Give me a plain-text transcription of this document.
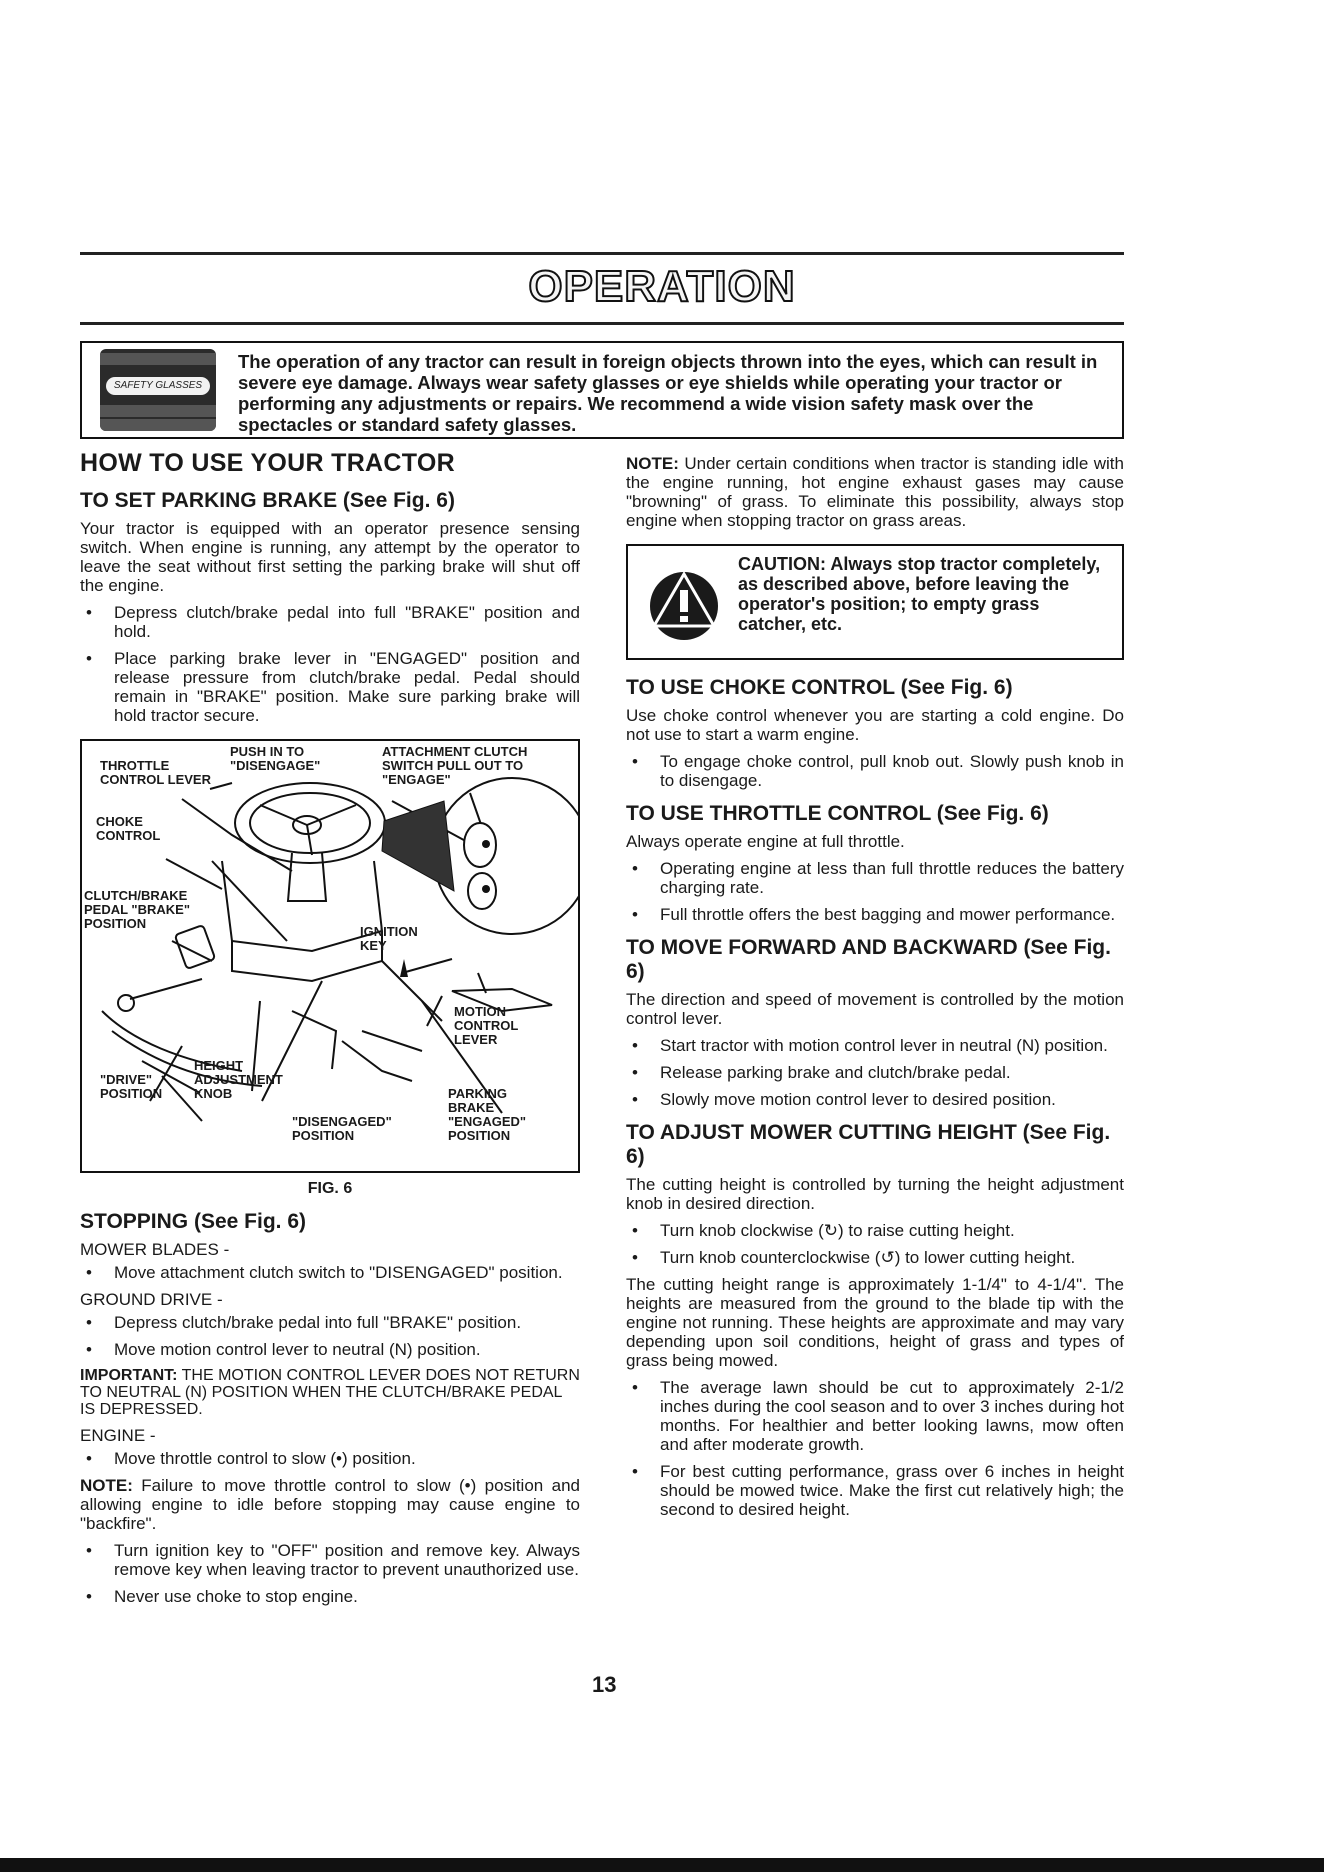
OPERATION
SAFETY GLASSES
The operation of any tractor can result in foreign objects thrown into the eyes, which can result in severe eye damage. Always wear safety glasses or eye shields while operating your tractor or performing any adjustments or repairs. We recommend a wide vision safety mask over the spectacles or standard safety glasses.
HOW TO USE YOUR TRACTOR
TO SET PARKING BRAKE (See Fig. 6)

Your tractor is equipped with an operator presence sensing switch. When engine is running, any attempt by the operator to leave the seat without first setting the parking brake will shut off the engine.

• Depress clutch/brake pedal into full "BRAKE" position and hold.
• Place parking brake lever in "ENGAGED" position and release pressure from clutch/brake pedal. Pedal should remain in "BRAKE" position. Make sure parking brake will hold tractor secure.
PUSH IN TO
"DISENGAGE"
ATTACHMENT CLUTCH
SWITCH PULL OUT TO
"ENGAGE"
THROTTLE
CONTROL LEVER
CHOKE
CONTROL
CLUTCH/BRAKE
PEDAL "BRAKE"
POSITION
IGNITION
KEY
MOTION
CONTROL
LEVER
HEIGHT
ADJUSTMENT
KNOB
"DRIVE"
POSITION	PARKING
BRAKE
"ENGAGED"
POSITION
"DISENGAGED"
POSITION
FIG. 6
STOPPING (See Fig. 6)
MOWER BLADES -
• Move attachment clutch switch to "DISENGAGED" position.
GROUND DRIVE -
• Depress clutch/brake pedal into full "BRAKE" position.
• Move motion control lever to neutral (N) position.
IMPORTANT: THE MOTION CONTROL LEVER DOES NOT RETURN TO NEUTRAL (N) POSITION WHEN THE CLUTCH/BRAKE PEDAL IS DEPRESSED.
ENGINE -
• Move throttle control to slow (•) position.

NOTE: Failure to move throttle control to slow (•) position and allowing engine to idle before stopping may cause engine to "backfire".

• Turn ignition key to "OFF" position and remove key. Always remove key when leaving tractor to prevent unauthorized use.
• Never use choke to stop engine.

NOTE: Under certain conditions when tractor is standing idle with the engine running, hot engine exhaust gases may cause "browning" of grass. To eliminate this possibility, always stop engine when stopping tractor on grass areas.

CAUTION: Always stop tractor completely, as described above, before leaving the operator's position; to empty grass catcher, etc.
TO USE CHOKE CONTROL (See Fig. 6)

Use choke control whenever you are starting a cold engine. Do not use to start a warm engine.

• To engage choke control, pull knob out. Slowly push knob in to disengage.
TO USE THROTTLE CONTROL (See Fig. 6)

Always operate engine at full throttle.

• Operating engine at less than full throttle reduces the battery charging rate.
• Full throttle offers the best bagging and mower performance.
TO MOVE FORWARD AND BACKWARD (See Fig. 6)

The direction and speed of movement is controlled by the motion control lever.

• Start tractor with motion control lever in neutral (N) position.
• Release parking brake and clutch/brake pedal.
• Slowly move motion control lever to desired position.
TO ADJUST MOWER CUTTING HEIGHT (See Fig. 6)

The cutting height is controlled by turning the height adjustment knob in desired direction.

• Turn knob clockwise (↻) to raise cutting height.
• Turn knob counterclockwise (↺) to lower cutting height.

The cutting height range is approximately 1-1/4" to 4-1/4". The heights are measured from the ground to the blade tip with the engine not running. These heights are approximate and may vary depending upon soil conditions, height of grass and types of grass being mowed.

• The average lawn should be cut to approximately 2-1/2 inches during the cool season and to over 3 inches during hot months. For healthier and better looking lawns, mow often and after moderate growth.
• For best cutting performance, grass over 6 inches in height should be mowed twice. Make the first cut relatively high; the second to desired height.
13
